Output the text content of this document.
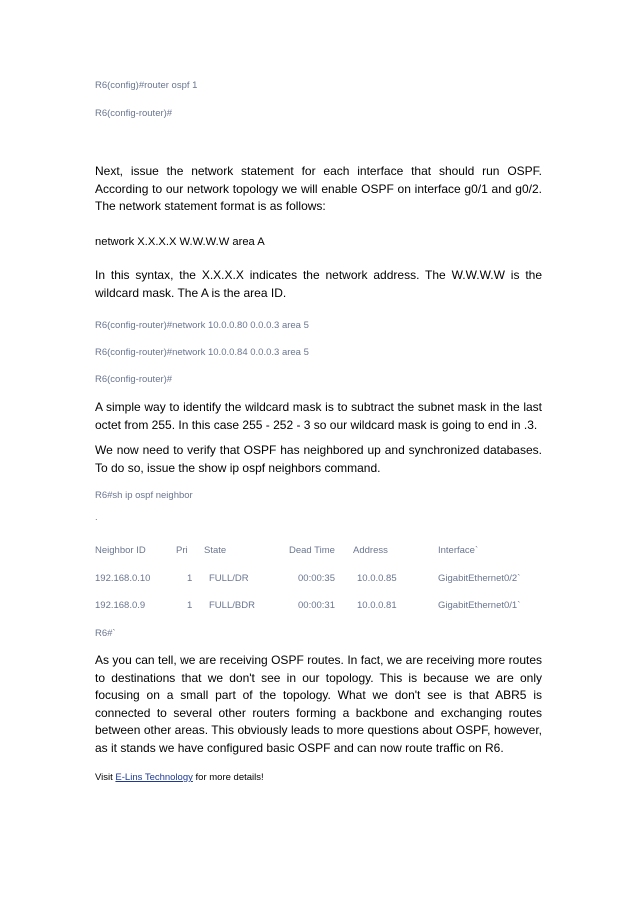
R6(config)#router ospf 1
R6(config-router)#
Next, issue the network statement for each interface that should run OSPF. According to our network topology we will enable OSPF on interface g0/1 and g0/2. The network statement format is as follows:
network X.X.X.X W.W.W.W area A
In this syntax, the X.X.X.X indicates the network address. The W.W.W.W is the wildcard mask. The A is the area ID.
R6(config-router)#network 10.0.0.80 0.0.0.3 area 5
R6(config-router)#network 10.0.0.84 0.0.0.3 area 5
R6(config-router)#
A simple way to identify the wildcard mask is to subtract the subnet mask in the last octet from 255. In this case 255 - 252 - 3 so our wildcard mask is going to end in .3.
We now need to verify that OSPF has neighbored up and synchronized databases. To do so, issue the show ip ospf neighbors command.
R6#sh ip ospf neighbor
.
Neighbor ID	Pri State	Dead Time Address	Interface`
192.168.0.10	1 FULL/DR	00:00:35 10.0.0.85	GigabitEthernet0/2`
192.168.0.9	1 FULL/BDR	00:00:31 10.0.0.81	GigabitEthernet0/1`
R6#`
As you can tell, we are receiving OSPF routes. In fact, we are receiving more routes to destinations that we don't see in our topology. This is because we are only focusing on a small part of the topology. What we don't see is that ABR5 is connected to several other routers forming a backbone and exchanging routes between other areas. This obviously leads to more questions about OSPF, however, as it stands we have configured basic OSPF and can now route traffic on R6.
Visit E-Lins Technology for more details!
